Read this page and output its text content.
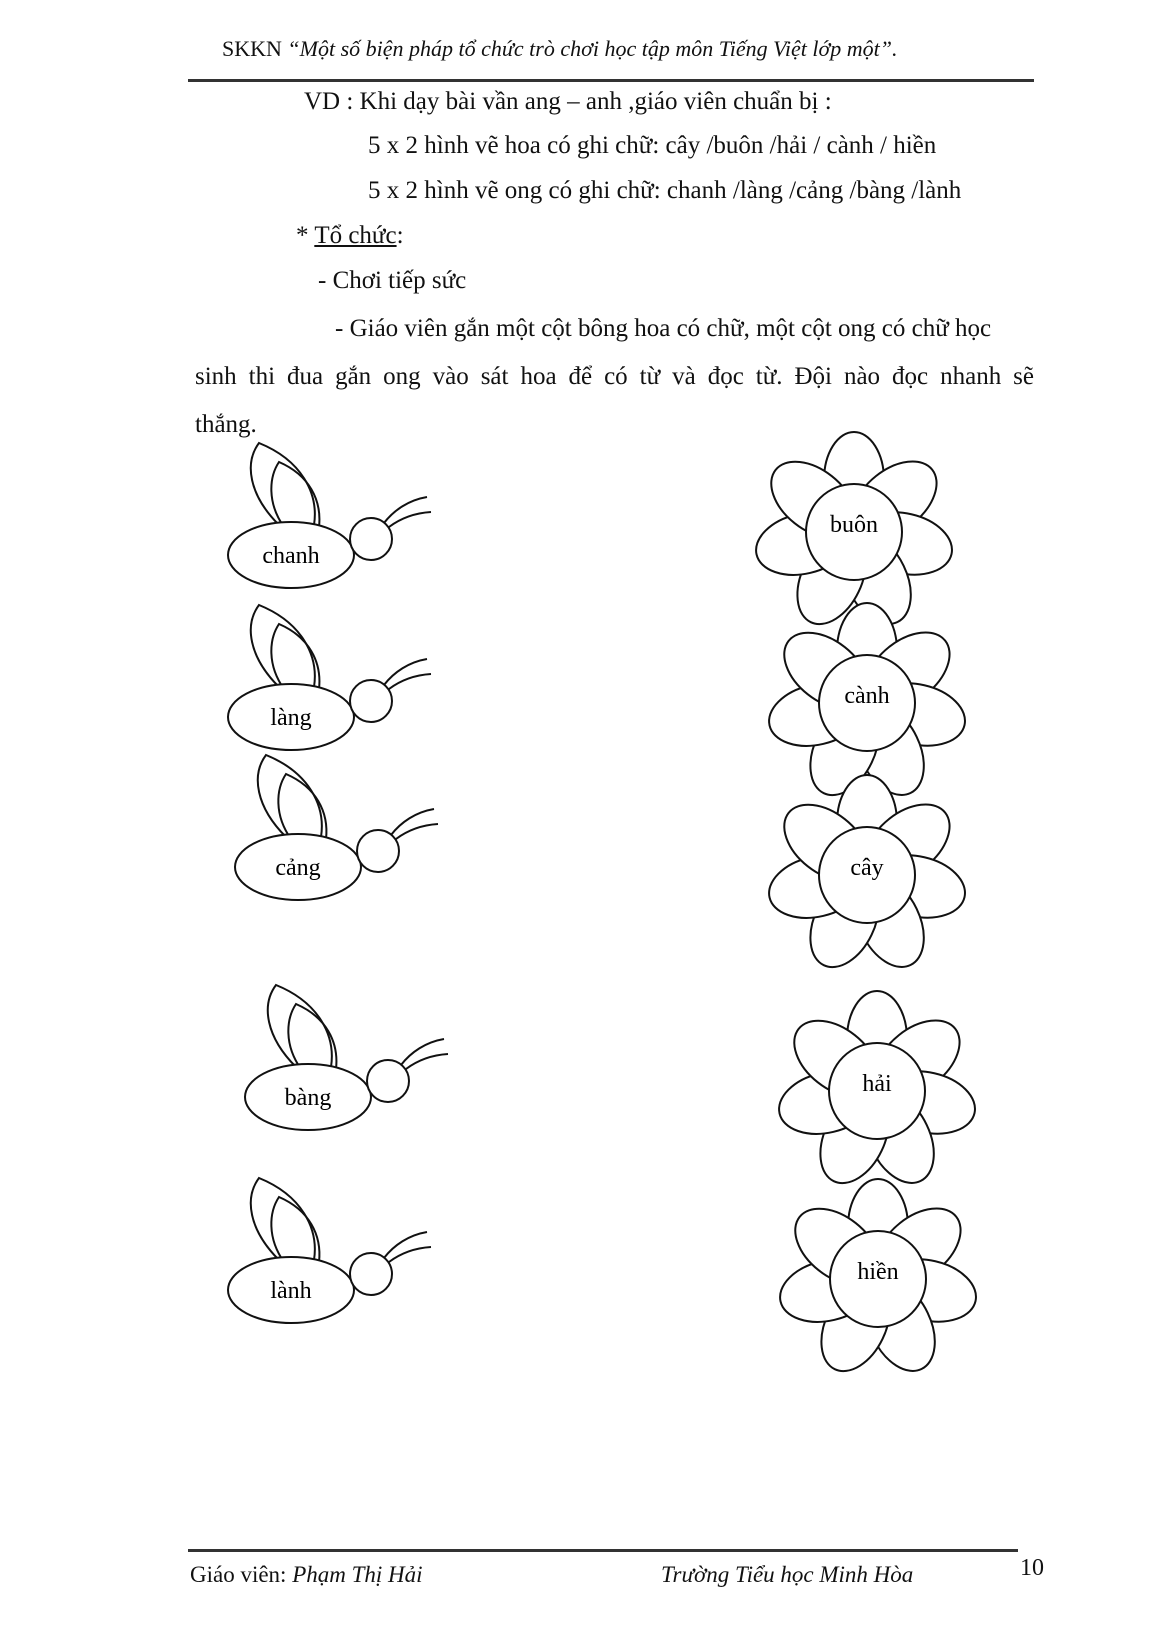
SKKN “Một số biện pháp tổ chức trò chơi học tập môn Tiếng Việt lớp một”.
VD : Khi dạy bài vần ang – anh ,giáo viên chuẩn bị :
5 x 2 hình vẽ hoa có ghi chữ: cây /buôn /hải / cành / hiền
5 x 2 hình vẽ ong có ghi chữ: chanh /làng /cảng /bàng /lành
* Tổ chức:
- Chơi tiếp sức
- Giáo viên gắn một cột bông hoa có chữ, một cột ong có chữ học
sinh thi đua gắn ong vào sát hoa để có từ và đọc từ. Đội nào đọc nhanh sẽ
thắng.
chanh
làng
cảng
bàng
lành
buôn
cành
cây
hải
hiền
Giáo viên: Phạm Thị Hải	Trường Tiểu học Minh Hòa	10
